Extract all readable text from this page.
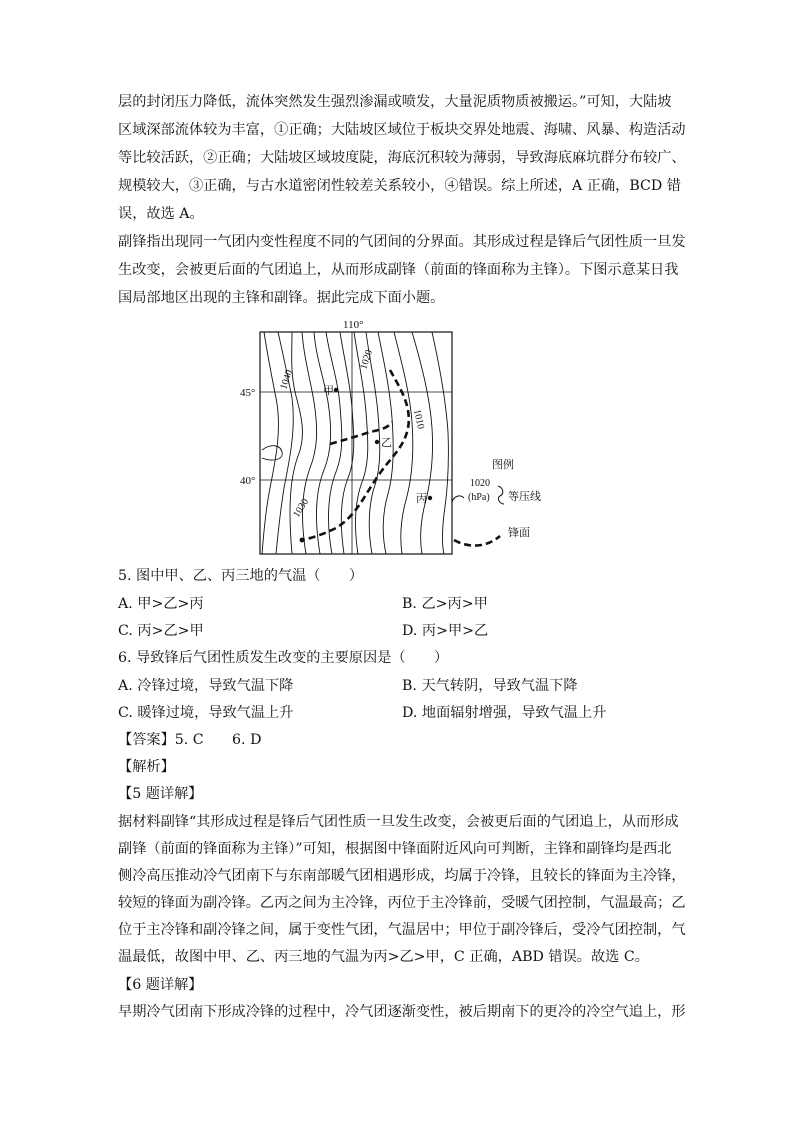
层的封闭压力降低，流体突然发生强烈渗漏或喷发，大量泥质物质被搬运。”可知，大陆坡
区域深部流体较为丰富，①正确；大陆坡区域位于板块交界处地震、海啸、风暴、构造活动
等比较活跃，②正确；大陆坡区域坡度陡，海底沉积较为薄弱，导致海底麻坑群分布较广、
规模较大，③正确，与古水道密闭性较差关系较小，④错误。综上所述，A 正确，BCD 错
误，故选 A。
副锋指出现同一气团内变性程度不同的气团间的分界面。其形成过程是锋后气团性质一旦发
生改变，会被更后面的气团追上，从而形成副锋（前面的锋面称为主锋）。下图示意某日我
国局部地区出现的主锋和副锋。据此完成下面小题。
110°
45°
40°
1040
1020
1030
1010
甲
乙
丙
图例
1020
(hPa) 等压线
锋面
5. 图中甲、乙、丙三地的气温（　　）
A. 甲>乙>丙	B. 乙>丙>甲
C. 丙>乙>甲	D. 丙>甲>乙
6. 导致锋后气团性质发生改变的主要原因是（　　）
A. 冷锋过境，导致气温下降	B. 天气转阴，导致气温下降
C. 暖锋过境，导致气温上升	D. 地面辐射增强，导致气温上升
【答案】5. C　　6. D
【解析】
【5 题详解】
据材料副锋“其形成过程是锋后气团性质一旦发生改变，会被更后面的气团追上，从而形成
副锋（前面的锋面称为主锋）”可知，根据图中锋面附近风向可判断，主锋和副锋均是西北
侧冷高压推动冷气团南下与东南部暖气团相遇形成，均属于冷锋，且较长的锋面为主冷锋，
较短的锋面为副冷锋。乙丙之间为主冷锋，丙位于主冷锋前，受暖气团控制，气温最高；乙
位于主冷锋和副冷锋之间，属于变性气团，气温居中；甲位于副冷锋后，受冷气团控制，气
温最低，故图中甲、乙、丙三地的气温为丙>乙>甲，C 正确，ABD 错误。故选 C。
【6 题详解】
早期冷气团南下形成冷锋的过程中，冷气团逐渐变性，被后期南下的更冷的冷空气追上，形
